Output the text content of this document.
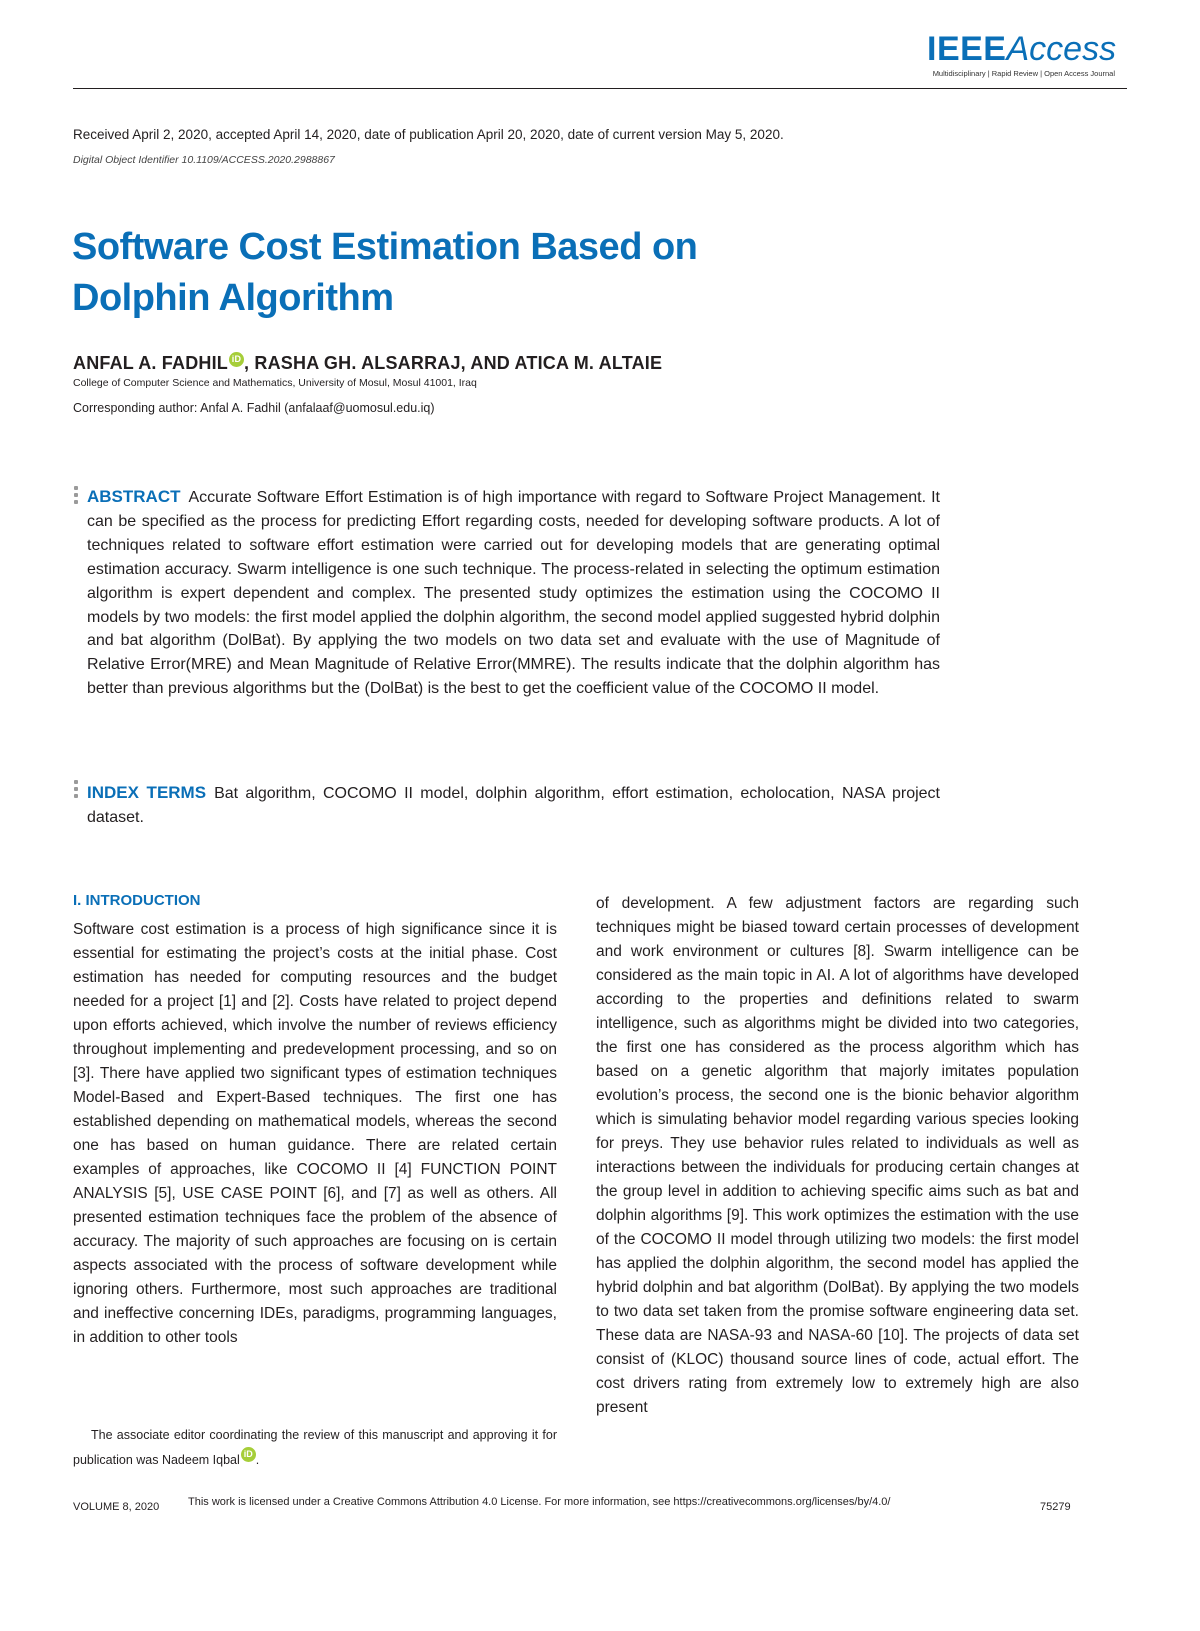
IEEEAccess
Multidisciplinary | Rapid Review | Open Access Journal
Received April 2, 2020, accepted April 14, 2020, date of publication April 20, 2020, date of current version May 5, 2020.
Digital Object Identifier 10.1109/ACCESS.2020.2988867
Software Cost Estimation Based on
Dolphin Algorithm
ANFAL A. FADHIL iD , RASHA GH. ALSARRAJ, AND ATICA M. ALTAIE
College of Computer Science and Mathematics, University of Mosul, Mosul 41001, Iraq
Corresponding author: Anfal A. Fadhil (anfalaaf@uomosul.edu.iq)
ABSTRACT Accurate Software Effort Estimation is of high importance with regard to Software Project Management. It can be specified as the process for predicting Effort regarding costs, needed for developing software products. A lot of techniques related to software effort estimation were carried out for developing models that are generating optimal estimation accuracy. Swarm intelligence is one such technique. The process-related in selecting the optimum estimation algorithm is expert dependent and complex. The presented study optimizes the estimation using the COCOMO II models by two models: the first model applied the dolphin algorithm, the second model applied suggested hybrid dolphin and bat algorithm (DolBat). By applying the two models on two data set and evaluate with the use of Magnitude of Relative Error(MRE) and Mean Magnitude of Relative Error(MMRE). The results indicate that the dolphin algorithm has better than previous algorithms but the (DolBat) is the best to get the coefficient value of the COCOMO II model.
INDEX TERMS Bat algorithm, COCOMO II model, dolphin algorithm, effort estimation, echolocation, NASA project dataset.
I. INTRODUCTION
Software cost estimation is a process of high significance since it is essential for estimating the project’s costs at the initial phase. Cost estimation has needed for computing resources and the budget needed for a project [1] and [2]. Costs have related to project depend upon efforts achieved, which involve the number of reviews efficiency throughout implementing and predevelopment processing, and so on [3]. There have applied two significant types of estimation techniques Model-Based and Expert-Based techniques. The first one has established depending on mathematical models, whereas the second one has based on human guidance. There are related certain examples of approaches, like COCOMO II [4] FUNCTION POINT ANALYSIS [5], USE CASE POINT [6], and [7] as well as others. All presented estimation techniques face the problem of the absence of accuracy. The majority of such approaches are focusing on is certain aspects associated with the process of software development while ignoring others. Furthermore, most such approaches are traditional and ineffective concerning IDEs, paradigms, programming languages, in addition to other tools
of development. A few adjustment factors are regarding such techniques might be biased toward certain processes of development and work environment or cultures [8]. Swarm intelligence can be considered as the main topic in AI. A lot of algorithms have developed according to the properties and definitions related to swarm intelligence, such as algorithms might be divided into two categories, the first one has considered as the process algorithm which has based on a genetic algorithm that majorly imitates population evolution’s process, the second one is the bionic behavior algorithm which is simulating behavior model regarding various species looking for preys. They use behavior rules related to individuals as well as interactions between the individuals for producing certain changes at the group level in addition to achieving specific aims such as bat and dolphin algorithms [9]. This work optimizes the estimation with the use of the COCOMO II model through utilizing two models: the first model has applied the dolphin algorithm, the second model has applied the hybrid dolphin and bat algorithm (DolBat). By applying the two models to two data set taken from the promise software engineering data set. These data are NASA-93 and NASA-60 [10]. The projects of data set consist of (KLOC) thousand source lines of code, actual effort. The cost drivers rating from extremely low to extremely high are also present
The associate editor coordinating the review of this manuscript and approving it for publication was Nadeem Iqbal iD .
VOLUME 8, 2020	This work is licensed under a Creative Commons Attribution 4.0 License. For more information, see https://creativecommons.org/licenses/by/4.0/	75279
